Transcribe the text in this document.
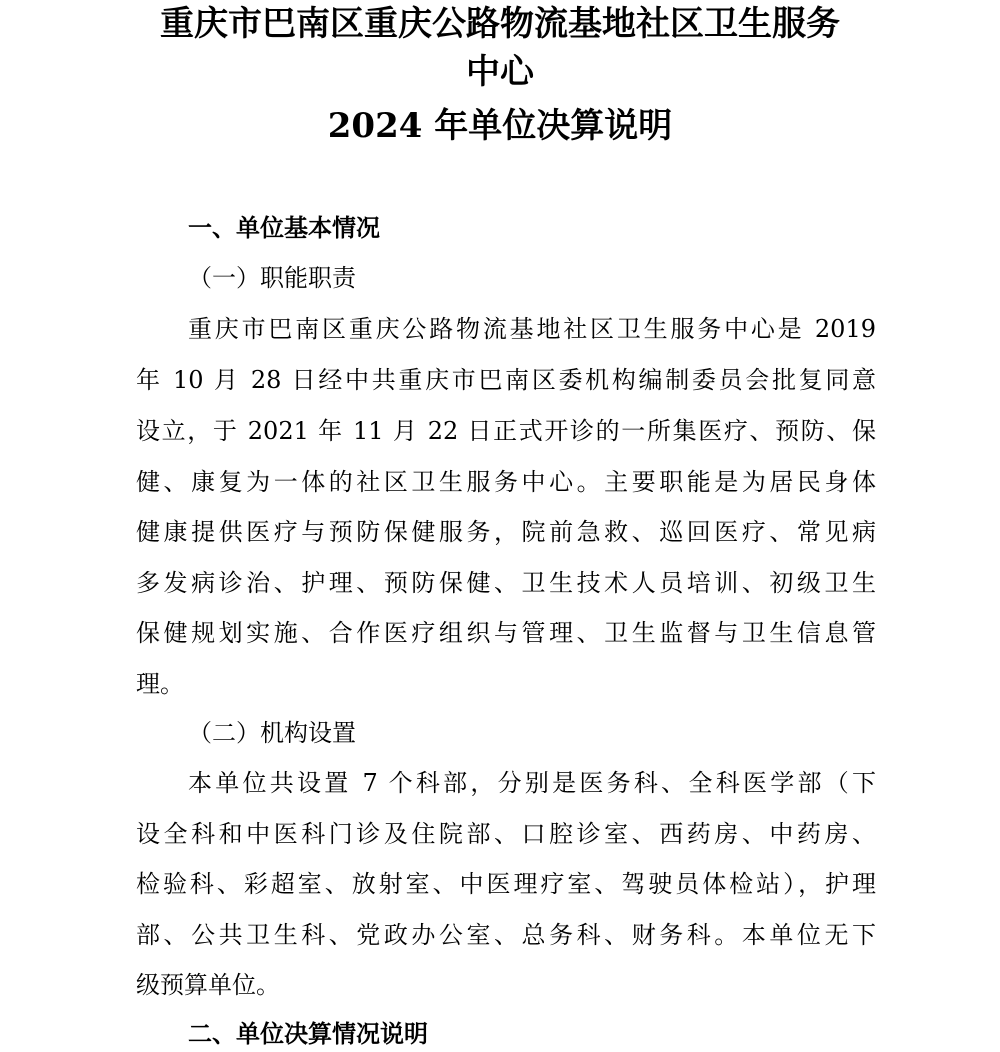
重庆市巴南区重庆公路物流基地社区卫生服务
中心
2024 年单位决算说明
一、单位基本情况
（一）职能职责
重庆市巴南区重庆公路物流基地社区卫生服务中心是 2019
年 10 月 28 日经中共重庆市巴南区委机构编制委员会批复同意
设立，于 2021 年 11 月 22 日正式开诊的一所集医疗、预防、保
健、康复为一体的社区卫生服务中心。主要职能是为居民身体
健康提供医疗与预防保健服务，院前急救、巡回医疗、常见病
多发病诊治、护理、预防保健、卫生技术人员培训、初级卫生
保健规划实施、合作医疗组织与管理、卫生监督与卫生信息管
理。
（二）机构设置
本单位共设置 7 个科部，分别是医务科、全科医学部（下
设全科和中医科门诊及住院部、口腔诊室、西药房、中药房、
检验科、彩超室、放射室、中医理疗室、驾驶员体检站），护理
部、公共卫生科、党政办公室、总务科、财务科。本单位无下
级预算单位。
二、单位决算情况说明
